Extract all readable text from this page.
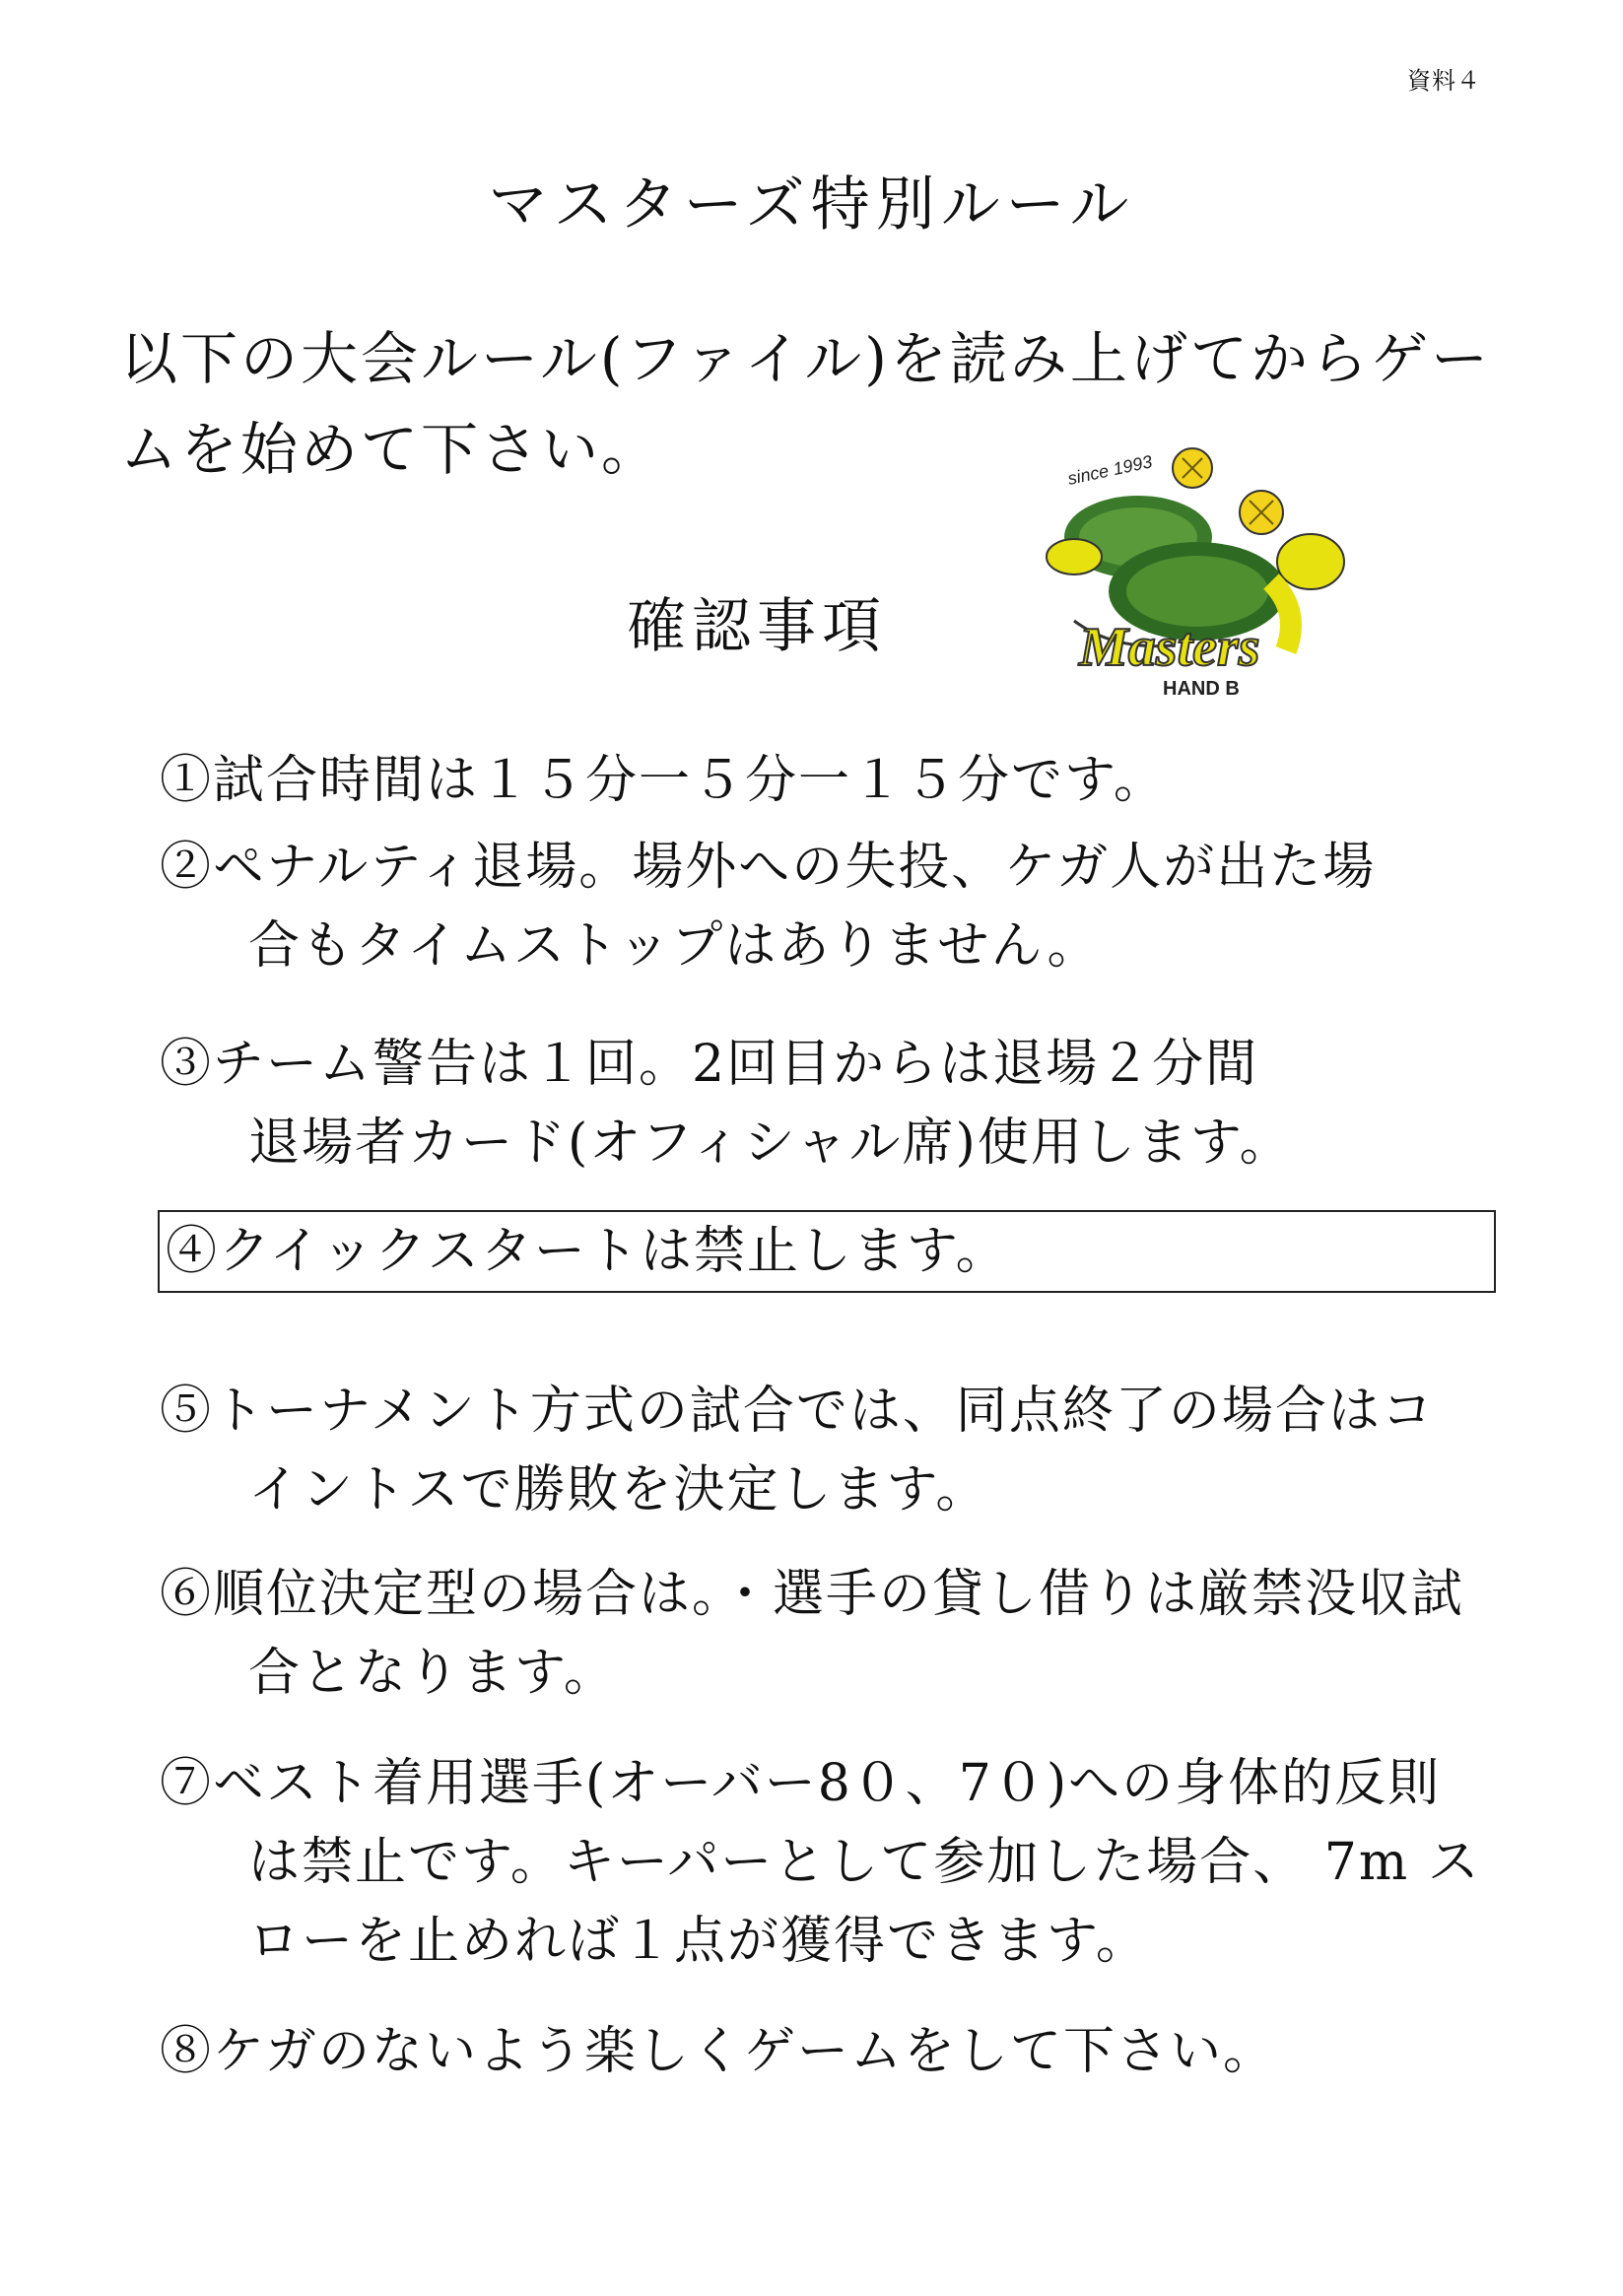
資料４
マスターズ特別ルール
以下の大会ルール(ファイル)を読み上げてからゲー
ムを始めて下さい。
確認事項
since 1993
Masters
HAND B
①試合時間は１５分一５分一１５分です。
②ペナルティ退場。場外への失投、ケガ人が出た場
合もタイムストップはありません。
③チーム警告は１回。2回目からは退場２分間
退場者カード(オフィシャル席)使用します。
④クイックスタートは禁止します。
⑤トーナメント方式の試合では、同点終了の場合はコ
イントスで勝敗を決定します。
⑥順位決定型の場合は。・選手の貸し借りは厳禁没収試
合となります。
⑦ベスト着用選手(オーバー8０、7０)への身体的反則
は禁止です。キーパーとして参加した場合、 7m ス
ローを止めれば１点が獲得できます。
⑧ケガのないよう楽しくゲームをして下さい。
